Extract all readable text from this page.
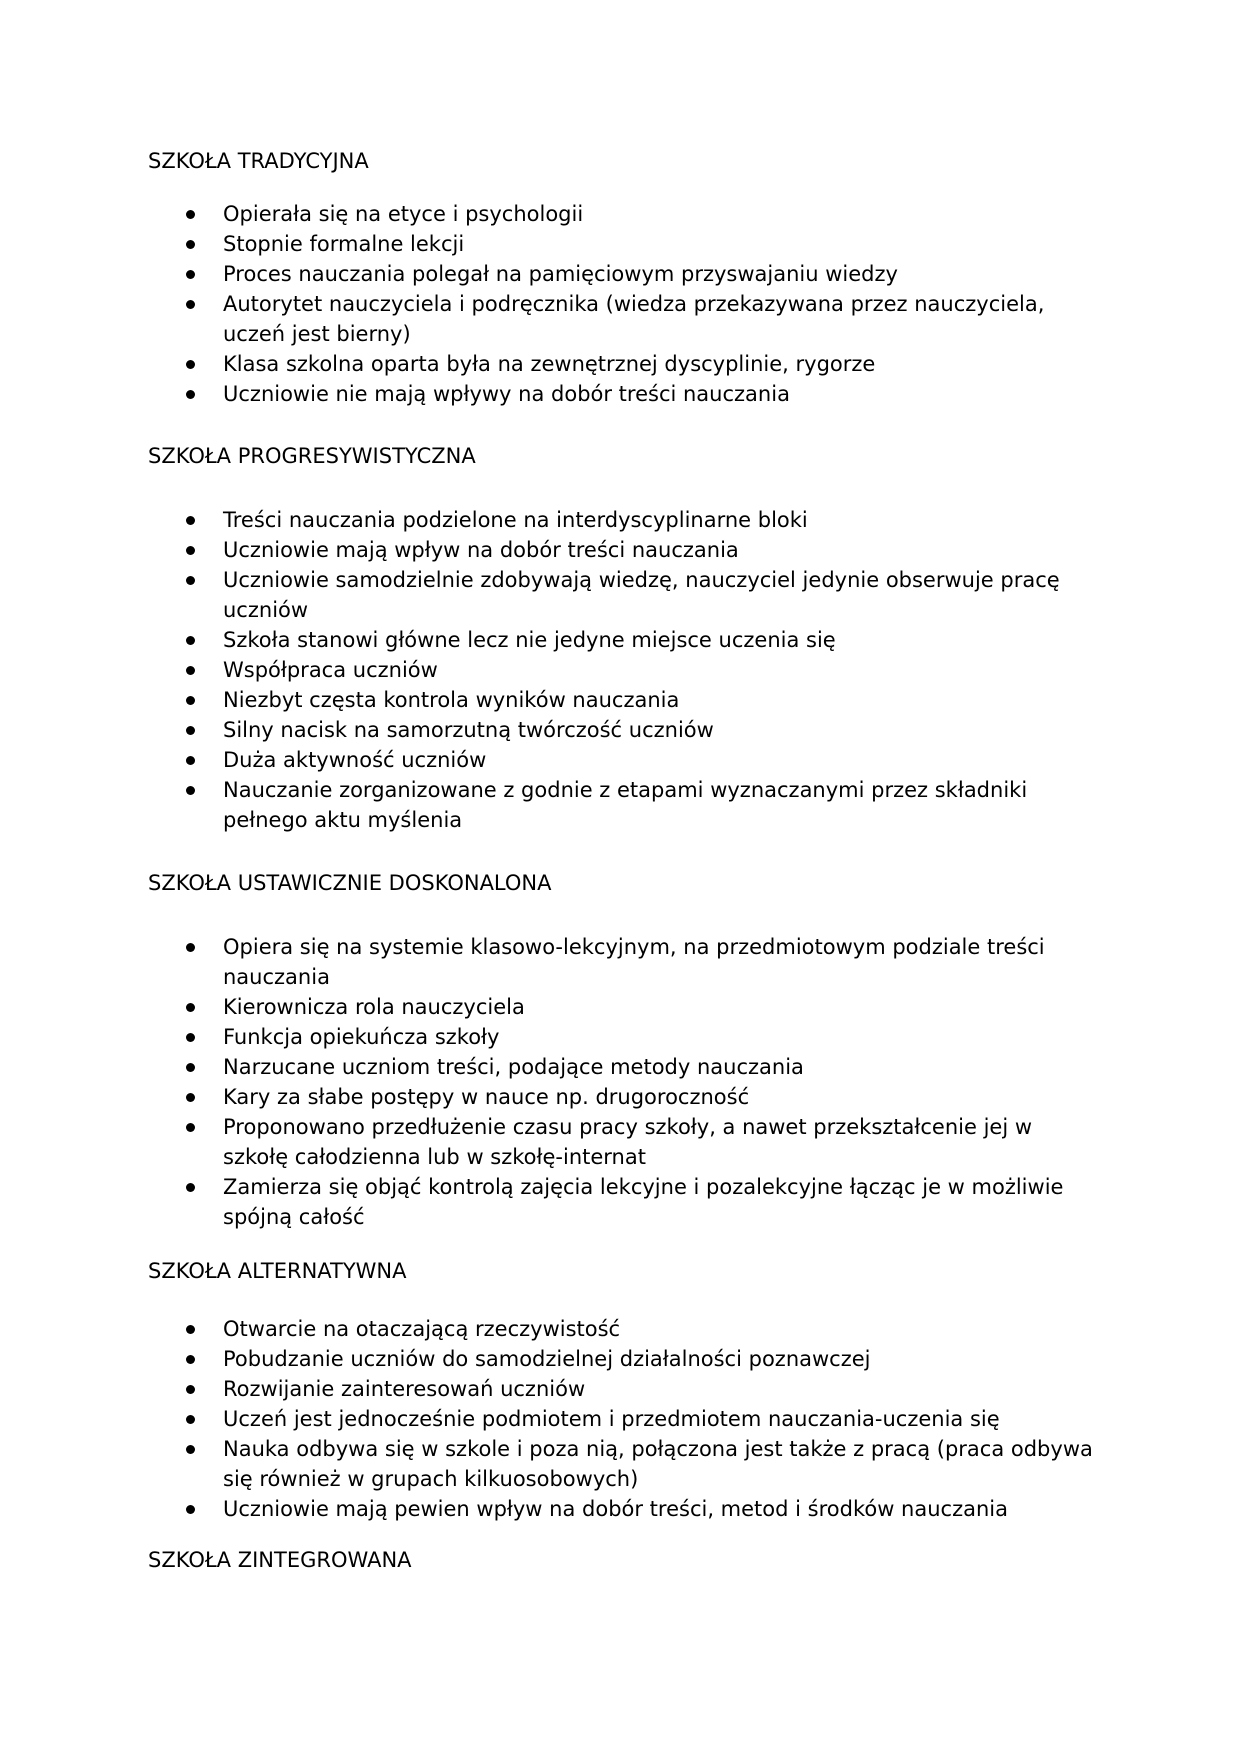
SZKOŁA TRADYCYJNA
Opierała się na etyce i psychologii
Stopnie formalne lekcji
Proces nauczania polegał na pamięciowym przyswajaniu wiedzy
Autorytet nauczyciela i podręcznika (wiedza przekazywana przez nauczyciela, uczeń jest bierny)
Klasa szkolna oparta była na zewnętrznej dyscyplinie, rygorze
Uczniowie nie mają wpływy na dobór treści nauczania
SZKOŁA PROGRESYWISTYCZNA
Treści nauczania podzielone na interdyscyplinarne bloki
Uczniowie mają wpływ na dobór treści nauczania
Uczniowie samodzielnie zdobywają wiedzę, nauczyciel jedynie obserwuje pracę uczniów
Szkoła stanowi główne lecz nie jedyne miejsce uczenia się
Współpraca uczniów
Niezbyt częsta kontrola wyników nauczania
Silny nacisk na samorzutną twórczość uczniów
Duża aktywność uczniów
Nauczanie zorganizowane z godnie z etapami wyznaczanymi przez składniki pełnego aktu myślenia
SZKOŁA USTAWICZNIE DOSKONALONA
Opiera się na systemie klasowo-lekcyjnym, na przedmiotowym podziale treści nauczania
Kierownicza rola nauczyciela
Funkcja opiekuńcza szkoły
Narzucane uczniom treści, podające metody nauczania
Kary za słabe postępy w nauce np. drugoroczność
Proponowano przedłużenie czasu pracy szkoły, a nawet przekształcenie jej w szkołę całodzienna lub w szkołę-internat
Zamierza się objąć kontrolą zajęcia lekcyjne i pozalekcyjne łącząc je w możliwie spójną całość
SZKOŁA ALTERNATYWNA
Otwarcie na otaczającą rzeczywistość
Pobudzanie uczniów do samodzielnej działalności poznawczej
Rozwijanie zainteresowań uczniów
Uczeń jest jednocześnie podmiotem i przedmiotem nauczania-uczenia się
Nauka odbywa się w szkole i poza nią, połączona jest także z pracą (praca odbywa się również w grupach kilkuosobowych)
Uczniowie mają pewien wpływ na dobór treści, metod i środków nauczania
SZKOŁA ZINTEGROWANA
